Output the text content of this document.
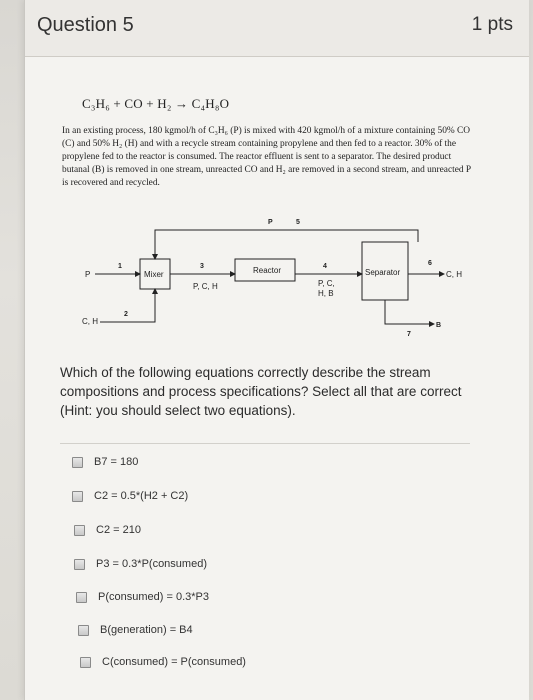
Question 5	1 pts
C₃H₆ + CO + H₂ → C₄H₈O
In an existing process, 180 kgmol/h of C₃H₆ (P) is mixed with 420 kgmol/h of a mixture containing 50% CO (C) and 50% H₂ (H) and with a recycle stream containing propylene and then fed to a reactor. 30% of the propylene fed to the reactor is consumed. The reactor effluent is sent to a separator. The desired product butanal (B) is removed in one stream, unreacted CO and H₂ are removed in a second stream, and unreacted P is recovered and recycled.
P	5
Mixer
P
1
C, H
2
3
P, C, H
Reactor	4
P, C,
H, B
Separator
6
C, H
7
B
Which of the following equations correctly describe the stream compositions and process specifications? Select all that are correct (Hint: you should select two equations).
B7 = 180
C2 = 0.5*(H2 + C2)
C2 = 210
P3 = 0.3*P(consumed)
P(consumed) = 0.3*P3
B(generation) = B4
C(consumed) = P(consumed)
